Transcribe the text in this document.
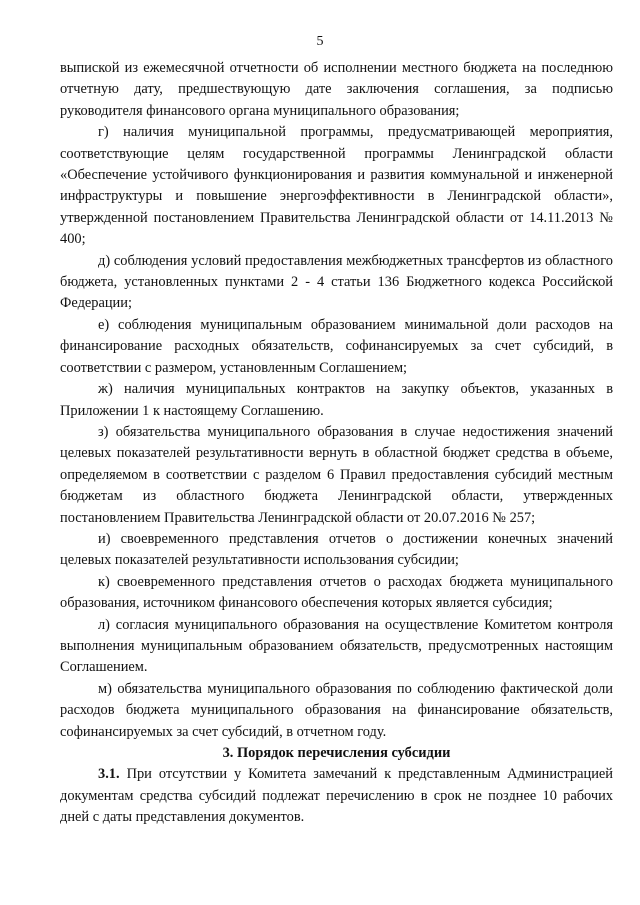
5

выпиской из ежемесячной отчетности об исполнении местного бюджета на последнюю отчетную дату, предшествующую дате заключения соглашения, за подписью руководителя финансового органа муниципального образования;

г) наличия муниципальной программы, предусматривающей мероприятия, соответствующие целям государственной программы Ленинградской области «Обеспечение устойчивого функционирования и развития коммунальной и инженерной инфраструктуры и повышение энергоэффективности в Ленинградской области», утвержденной постановлением Правительства Ленинградской области от 14.11.2013 № 400;

д) соблюдения условий предоставления межбюджетных трансфертов из областного бюджета, установленных пунктами 2 - 4 статьи 136 Бюджетного кодекса Российской Федерации;

е) соблюдения муниципальным образованием минимальной доли расходов на финансирование расходных обязательств, софинансируемых за счет субсидий, в соответствии с размером, установленным Соглашением;

ж) наличия муниципальных контрактов на закупку объектов, указанных в Приложении 1 к настоящему Соглашению.

з) обязательства муниципального образования в случае недостижения значений целевых показателей результативности вернуть в областной бюджет средства в объеме, определяемом в соответствии с разделом 6 Правил предоставления субсидий местным бюджетам из областного бюджета Ленинградской области, утвержденных постановлением Правительства Ленинградской области от 20.07.2016 № 257;

и) своевременного представления отчетов о достижении конечных значений целевых показателей результативности использования субсидии;

к) своевременного представления отчетов о расходах бюджета муниципального образования, источником финансового обеспечения которых является субсидия;

л) согласия муниципального образования на осуществление Комитетом контроля выполнения муниципальным образованием обязательств, предусмотренных настоящим Соглашением.

м) обязательства муниципального образования по соблюдению фактической доли расходов бюджета муниципального образования на финансирование обязательств, софинансируемых за счет субсидий, в отчетном году.

3. Порядок перечисления субсидии

3.1. При отсутствии у Комитета замечаний к представленным Администрацией документам средства субсидий подлежат перечислению в срок не позднее 10 рабочих дней с даты представления документов.
